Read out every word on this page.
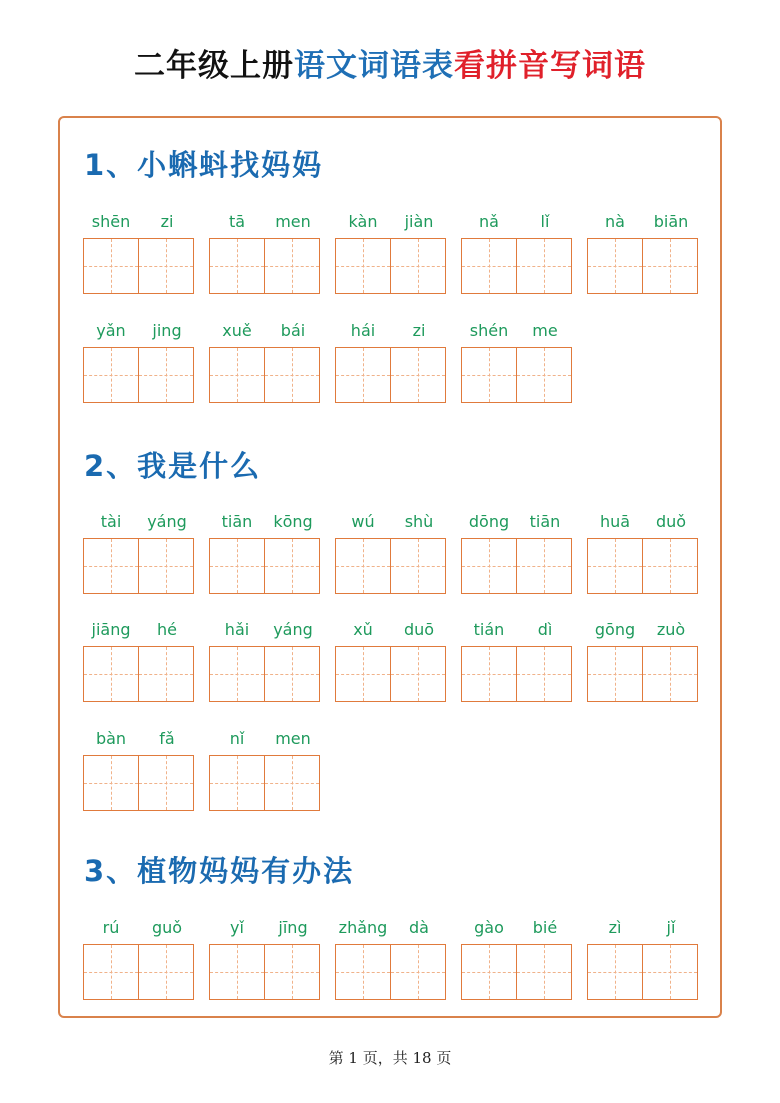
二年级上册语文词语表看拼音写词语
1、小蝌蚪找妈妈
shēn	zi	tā	men	kàn	jiàn	nǎ	lǐ	nà	biān
yǎn	jing	xuě	bái	hái	zi	shén	me
2、我是什么
tài	yáng	tiān	kōng	wú	shù	dōng	tiān	huā	duǒ
jiāng	hé	hǎi	yáng	xǔ	duō	tián	dì	gōng	zuò
bàn	fǎ	nǐ	men
3、植物妈妈有办法
rú	guǒ	yǐ	jīng	zhǎng	dà	gào	bié	zì	jǐ
第 1 页，共 18 页
